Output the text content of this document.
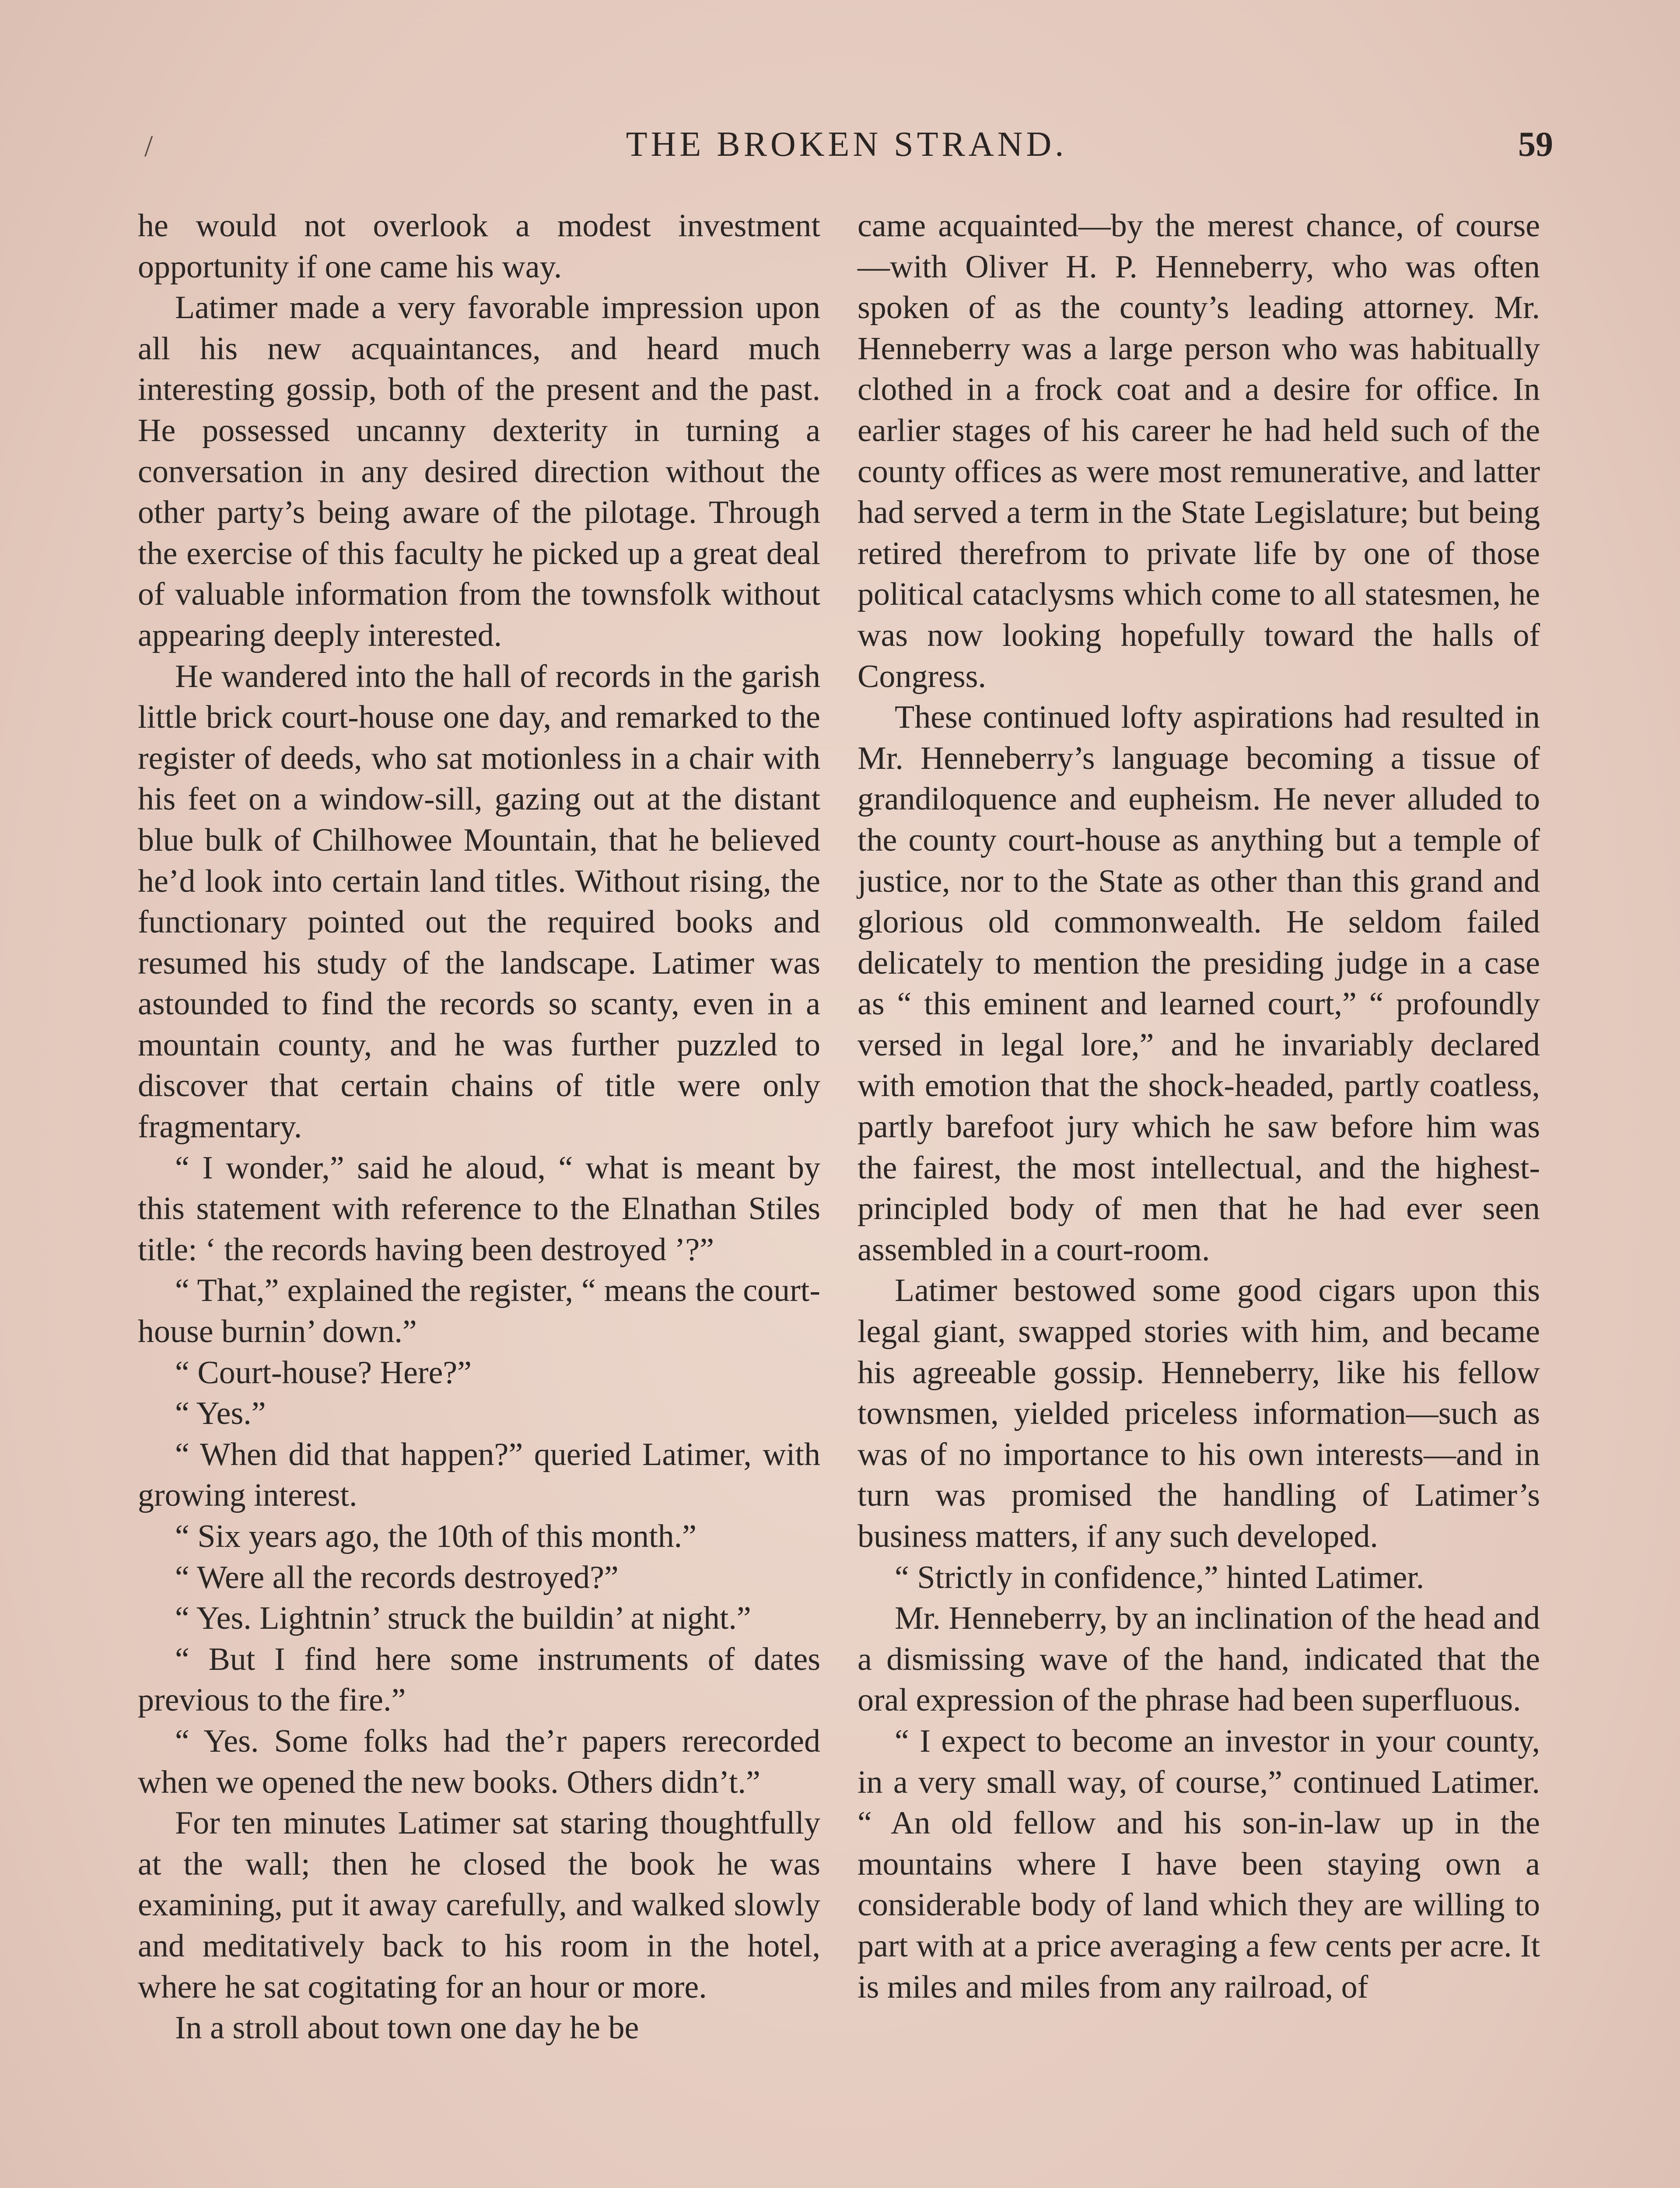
/	THE BROKEN STRAND.	59

he would not overlook a modest investment opportunity if one came his way.

Latimer made a very favorable impression upon all his new acquaintances, and heard much interesting gossip, both of the present and the past. He possessed uncanny dexterity in turning a conversation in any desired direction without the other party’s being aware of the pilotage. Through the exercise of this faculty he picked up a great deal of valuable information from the townsfolk without appearing deeply interested.

He wandered into the hall of records in the garish little brick court-house one day, and remarked to the register of deeds, who sat motionless in a chair with his feet on a window-sill, gazing out at the distant blue bulk of Chilhowee Mountain, that he believed he’d look into certain land titles. Without rising, the functionary pointed out the required books and resumed his study of the landscape. Latimer was astounded to find the records so scanty, even in a mountain county, and he was further puzzled to discover that certain chains of title were only fragmentary.

“ I wonder,” said he aloud, “ what is meant by this statement with reference to the Elnathan Stiles title: ‘ the records having been destroyed ’?”

“ That,” explained the register, “ means the court-house burnin’ down.”

“ Court-house? Here?”

“ Yes.”

“ When did that happen?” queried Latimer, with growing interest.

“ Six years ago, the 10th of this month.”

“ Were all the records destroyed?”

“ Yes. Lightnin’ struck the buildin’ at night.”

“ But I find here some instruments of dates previous to the fire.”

“ Yes. Some folks had the’r papers rerecorded when we opened the new books. Others didn’t.”

For ten minutes Latimer sat staring thoughtfully at the wall; then he closed the book he was examining, put it away carefully, and walked slowly and meditatively back to his room in the hotel, where he sat cogitating for an hour or more.

In a stroll about town one day he be

came acquainted—by the merest chance, of course—with Oliver H. P. Henneberry, who was often spoken of as the county’s leading attorney. Mr. Henneberry was a large person who was habitually clothed in a frock coat and a desire for office. In earlier stages of his career he had held such of the county offices as were most remunerative, and latter had served a term in the State Legislature; but being retired therefrom to private life by one of those political cataclysms which come to all statesmen, he was now looking hopefully toward the halls of Congress.

These continued lofty aspirations had resulted in Mr. Henneberry’s language becoming a tissue of grandiloquence and eupheism. He never alluded to the county court-house as anything but a temple of justice, nor to the State as other than this grand and glorious old commonwealth. He seldom failed delicately to mention the presiding judge in a case as “ this eminent and learned court,” “ profoundly versed in legal lore,” and he invariably declared with emotion that the shock-headed, partly coatless, partly barefoot jury which he saw before him was the fairest, the most intellectual, and the highest-principled body of men that he had ever seen assembled in a court-room.

Latimer bestowed some good cigars upon this legal giant, swapped stories with him, and became his agreeable gossip. Henneberry, like his fellow townsmen, yielded priceless information—such as was of no importance to his own interests—and in turn was promised the handling of Latimer’s business matters, if any such developed.

“ Strictly in confidence,” hinted Latimer.

Mr. Henneberry, by an inclination of the head and a dismissing wave of the hand, indicated that the oral expression of the phrase had been superfluous.

“ I expect to become an investor in your county, in a very small way, of course,” continued Latimer. “ An old fellow and his son-in-law up in the mountains where I have been staying own a considerable body of land which they are willing to part with at a price averaging a few cents per acre. It is miles and miles from any railroad, of
